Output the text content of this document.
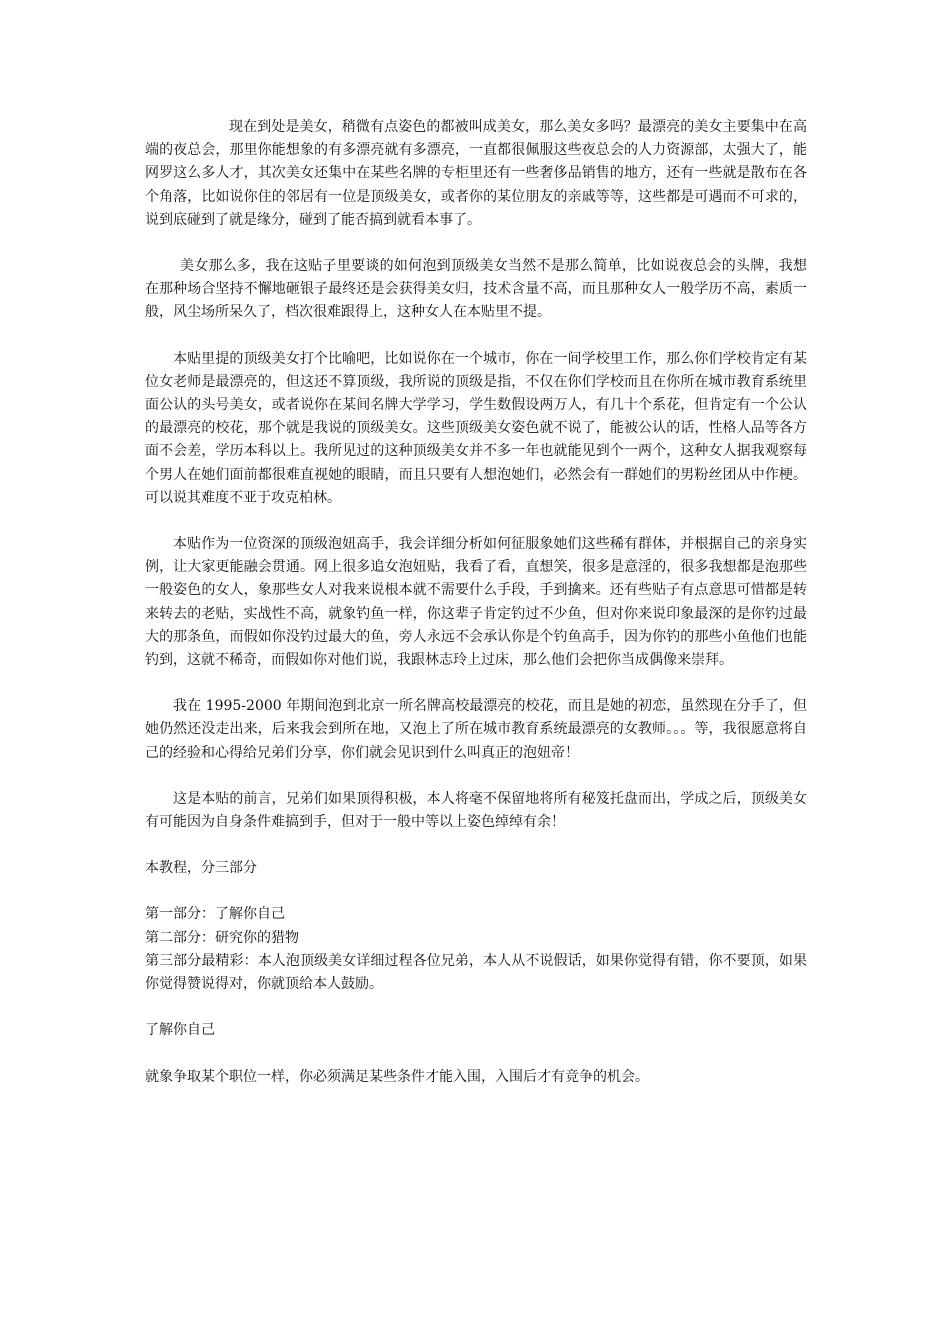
现在到处是美女，稍微有点姿色的都被叫成美女，那么美女多吗？最漂亮的美女主要集中在高端的夜总会，那里你能想象的有多漂亮就有多漂亮，一直都很佩服这些夜总会的人力资源部，太强大了，能网罗这么多人才，其次美女还集中在某些名牌的专柜里还有一些奢侈品销售的地方，还有一些就是散布在各个角落，比如说你住的邻居有一位是顶级美女，或者你的某位朋友的亲戚等等，这些都是可遇而不可求的，说到底碰到了就是缘分，碰到了能否搞到就看本事了。

美女那么多，我在这贴子里要谈的如何泡到顶级美女当然不是那么简单，比如说夜总会的头牌，我想在那种场合坚持不懈地砸银子最终还是会获得美女归，技术含量不高，而且那种女人一般学历不高，素质一般，风尘场所呆久了，档次很难跟得上，这种女人在本贴里不提。

本贴里提的顶级美女打个比喻吧，比如说你在一个城市，你在一间学校里工作，那么你们学校肯定有某位女老师是最漂亮的，但这还不算顶级，我所说的顶级是指，不仅在你们学校而且在你所在城市教育系统里面公认的头号美女，或者说你在某间名牌大学学习，学生数假设两万人，有几十个系花，但肯定有一个公认的最漂亮的校花，那个就是我说的顶级美女。这些顶级美女姿色就不说了，能被公认的话，性格人品等各方面不会差，学历本科以上。我所见过的这种顶级美女并不多一年也就能见到个一两个，这种女人据我观察每个男人在她们面前都很难直视她的眼睛，而且只要有人想泡她们，必然会有一群她们的男粉丝团从中作梗。可以说其难度不亚于攻克柏林。

本贴作为一位资深的顶级泡妞高手，我会详细分析如何征服象她们这些稀有群体，并根据自己的亲身实例，让大家更能融会贯通。网上很多追女泡妞贴，我看了看，直想笑，很多是意淫的，很多我想都是泡那些一般姿色的女人，象那些女人对我来说根本就不需要什么手段，手到擒来。还有些贴子有点意思可惜都是转来转去的老贴，实战性不高，就象钓鱼一样，你这辈子肯定钓过不少鱼，但对你来说印象最深的是你钓过最大的那条鱼，而假如你没钓过最大的鱼，旁人永远不会承认你是个钓鱼高手，因为你钓的那些小鱼他们也能钓到，这就不稀奇，而假如你对他们说，我跟林志玲上过床，那么他们会把你当成偶像来崇拜。

我在 1995-2000 年期间泡到北京一所名牌高校最漂亮的校花，而且是她的初恋，虽然现在分手了，但她仍然还没走出来，后来我会到所在地，又泡上了所在城市教育系统最漂亮的女教师。。。等，我很愿意将自己的经验和心得给兄弟们分享，你们就会见识到什么叫真正的泡妞帝！

这是本贴的前言，兄弟们如果顶得积极，本人将毫不保留地将所有秘笈托盘而出，学成之后，顶级美女有可能因为自身条件难搞到手，但对于一般中等以上姿色绰绰有余！

本教程，分三部分

第一部分：了解你自己

第二部分：研究你的猎物

第三部分最精彩：本人泡顶级美女详细过程各位兄弟，本人从不说假话，如果你觉得有错，你不要顶，如果你觉得赞说得对，你就顶给本人鼓励。

了解你自己

就象争取某个职位一样，你必须满足某些条件才能入围，入围后才有竞争的机会。
